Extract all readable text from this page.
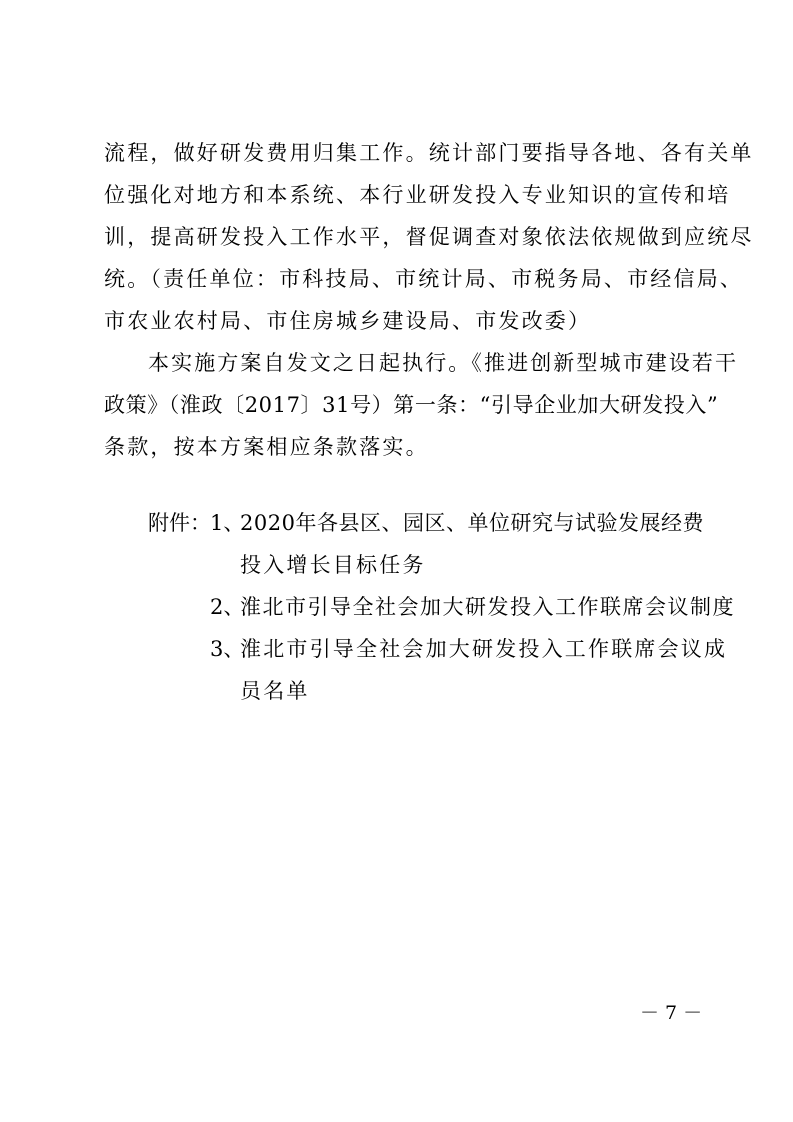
流程，做好研发费用归集工作。统计部门要指导各地、各有关单
位强化对地方和本系统、本行业研发投入专业知识的宣传和培
训，提高研发投入工作水平，督促调查对象依法依规做到应统尽
统。（责任单位：市科技局、市统计局、市税务局、市经信局、
市农业农村局、市住房城乡建设局、市发改委）
本实施方案自发文之日起执行。《推进创新型城市建设若干
政策》（淮政〔2017〕31号）第一条：“引导企业加大研发投入”
条款，按本方案相应条款落实。
附件： 1、
2020年各县区、园区、单位研究与试验发展经费
投入增长目标任务
2、
淮北市引导全社会加大研发投入工作联席会议制度
3、
淮北市引导全社会加大研发投入工作联席会议成
员名单
－ 7 －
